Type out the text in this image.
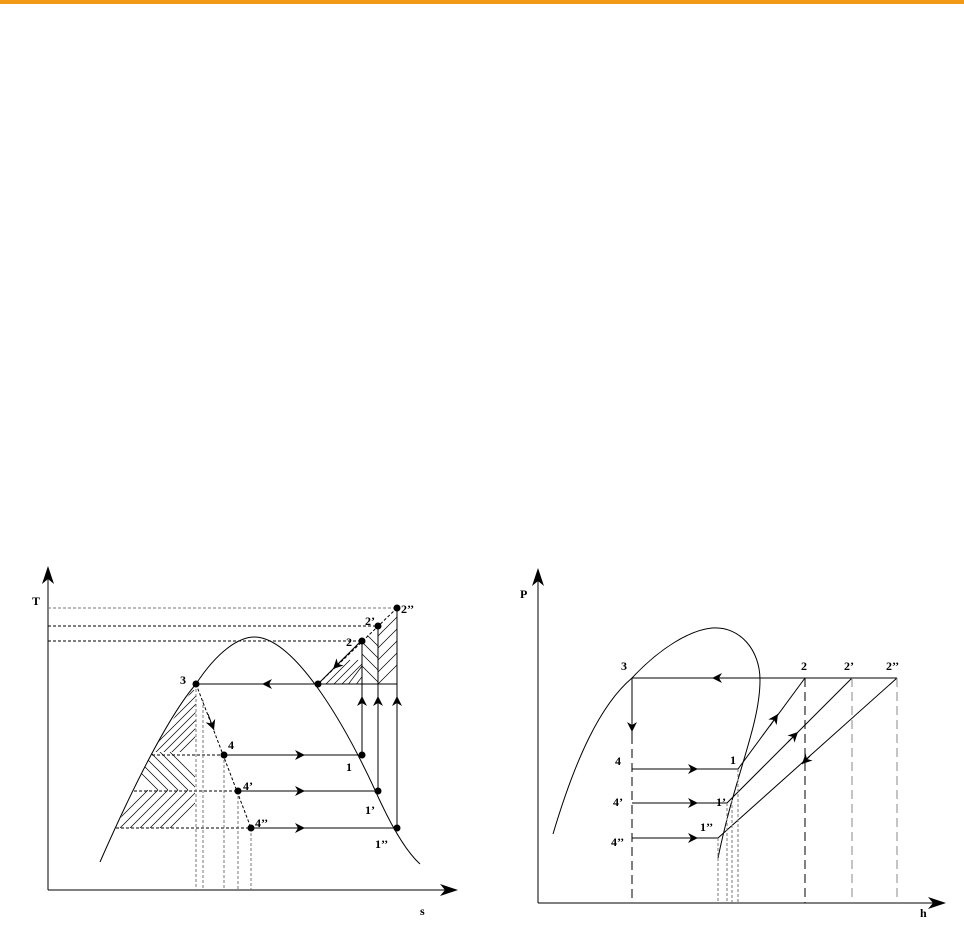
T
s
2’’
2’
2
3
4
4’
4’’
1
1’
1’’
P
h
3	2	2’	2’’
4
4’
4’’
1
1’
1’’
